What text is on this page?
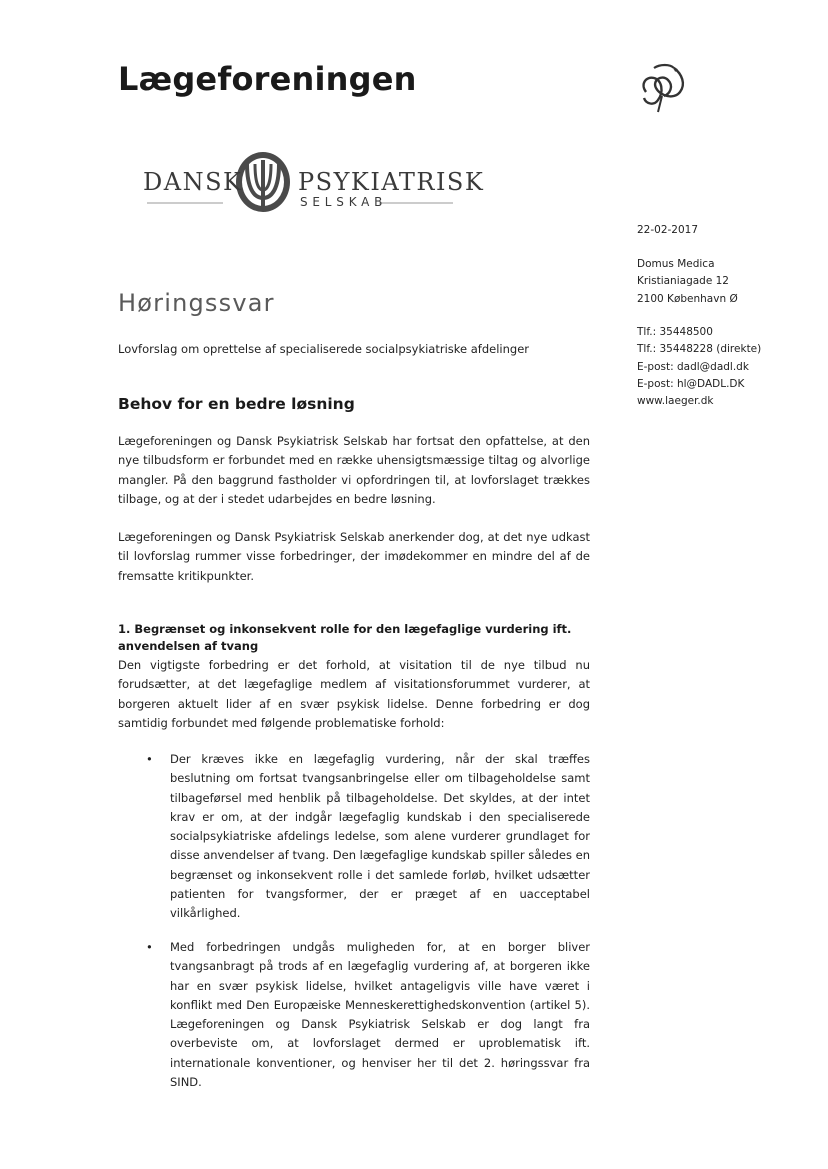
Lægeforeningen
DANSK PSYKIATRISK
SELSKAB
22-02-2017
Domus Medica
Kristianiagade 12
2100 København Ø
Tlf.: 35448500
Tlf.: 35448228 (direkte)
E-post: dadl@dadl.dk
E-post: hl@DADL.DK
www.laeger.dk
Høringssvar
Lovforslag om oprettelse af specialiserede socialpsykiatriske afdelinger
Behov for en bedre løsning
Lægeforeningen og Dansk Psykiatrisk Selskab har fortsat den opfattelse, at den nye tilbudsform er forbundet med en række uhensigtsmæssige tiltag og alvorlige mangler. På den baggrund fastholder vi opfordringen til, at lovforslaget trækkes tilbage, og at der i stedet udarbejdes en bedre løsning.
Lægeforeningen og Dansk Psykiatrisk Selskab anerkender dog, at det nye udkast til lovforslag rummer visse forbedringer, der imødekommer en mindre del af de fremsatte kritikpunkter.
1. Begrænset og inkonsekvent rolle for den lægefaglige vurdering ift. anvendelsen af tvang
Den vigtigste forbedring er det forhold, at visitation til de nye tilbud nu forudsætter, at det lægefaglige medlem af visitationsforummet vurderer, at borgeren aktuelt lider af en svær psykisk lidelse. Denne forbedring er dog samtidig forbundet med følgende problematiske forhold:
• Der kræves ikke en lægefaglig vurdering, når der skal træffes beslutning om fortsat tvangsanbringelse eller om tilbageholdelse samt tilbageførsel med henblik på tilbageholdelse. Det skyldes, at der intet krav er om, at der indgår lægefaglig kundskab i den specialiserede socialpsykiatriske afdelings ledelse, som alene vurderer grundlaget for disse anvendelser af tvang. Den lægefaglige kundskab spiller således en begrænset og inkonsekvent rolle i det samlede forløb, hvilket udsætter patienten for tvangsformer, der er præget af en uacceptabel vilkårlighed.
• Med forbedringen undgås muligheden for, at en borger bliver tvangsanbragt på trods af en lægefaglig vurdering af, at borgeren ikke har en svær psykisk lidelse, hvilket antageligvis ville have været i konflikt med Den Europæiske Menneskerettighedskonvention (artikel 5). Lægeforeningen og Dansk Psykiatrisk Selskab er dog langt fra overbeviste om, at lovforslaget dermed er uproblematisk ift. internationale konventioner, og henviser her til det 2. høringssvar fra SIND.
